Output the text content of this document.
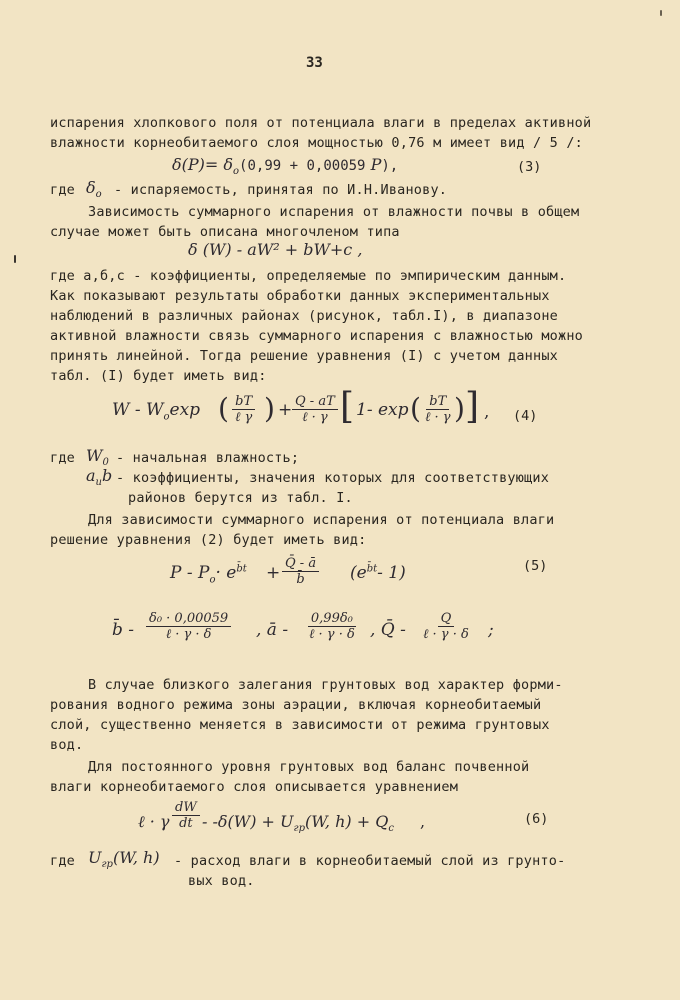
33
испарения хлопкового поля от потенциала влаги в пределах активной
влажности корнеобитаемого слоя мощностью 0,76 м имеет вид / 5 /:
$\delta(P)= \delta_o(0,99 + 0,00059$ P),	(3)
где $\delta_o$ - испаряемость, принятая по И.Н.Иванову.
Зависимость суммарного испарения от влажности почвы в общем
случае может быть описана многочленом типа
δ (W) - aW² + bW+c ,
где а,б,с - коэффициенты, определяемые по эмпирическим данным.
Как показывают результаты обработки данных экспериментальных
наблюдений в различных районах (рисунок, табл.I), в диапазоне
активной влажности связь суммарного испарения с влажностью можно
принять линейной. Тогда решение уравнения (I) с учетом данных
табл. (I) будет иметь вид:
W - $W_o\exp$ ( bT
ℓ γ ) + Q - aT
ℓ · γ [ 1- exp ( bT
ℓ · γ ) ] , (4)
где $W_0$ - начальная влажность;
$a_иb$ - коэффициенты, значения которых для соответствующих
районов берутся из табл. I.
Для зависимости суммарного испарения от потенциала влаги
решение уравнения (2) будет иметь вид:
$P - P_o\cdot e^{b̄t} + \frac{Q̄ - ā}{b̄} (e^{b̄t}-$ 1)	(5)
b̄ -
δ₀ · 0,00059
ℓ · γ · δ	, ā -
0,99δ₀
ℓ · γ · δ , Q̄ -
Q
ℓ · γ · δ ;
В случае близкого залегания грунтовых вод характер форми-
рования водного режима зоны аэрации, включая корнеобитаемый
слой, существенно меняется в зависимости от режима грунтовых
вод.
Для постоянного уровня грунтовых вод баланс почвенной
влаги корнеобитаемого слоя описывается уравнением
ℓ · γ $\frac{dW}{dt} - -\delta(W) + U_{гр}(W$, $h) + Q_c$ ,	(6)
где $U_{гр}(W$, h) - расход влаги в корнеобитаемый слой из грунто-
вых вод.
